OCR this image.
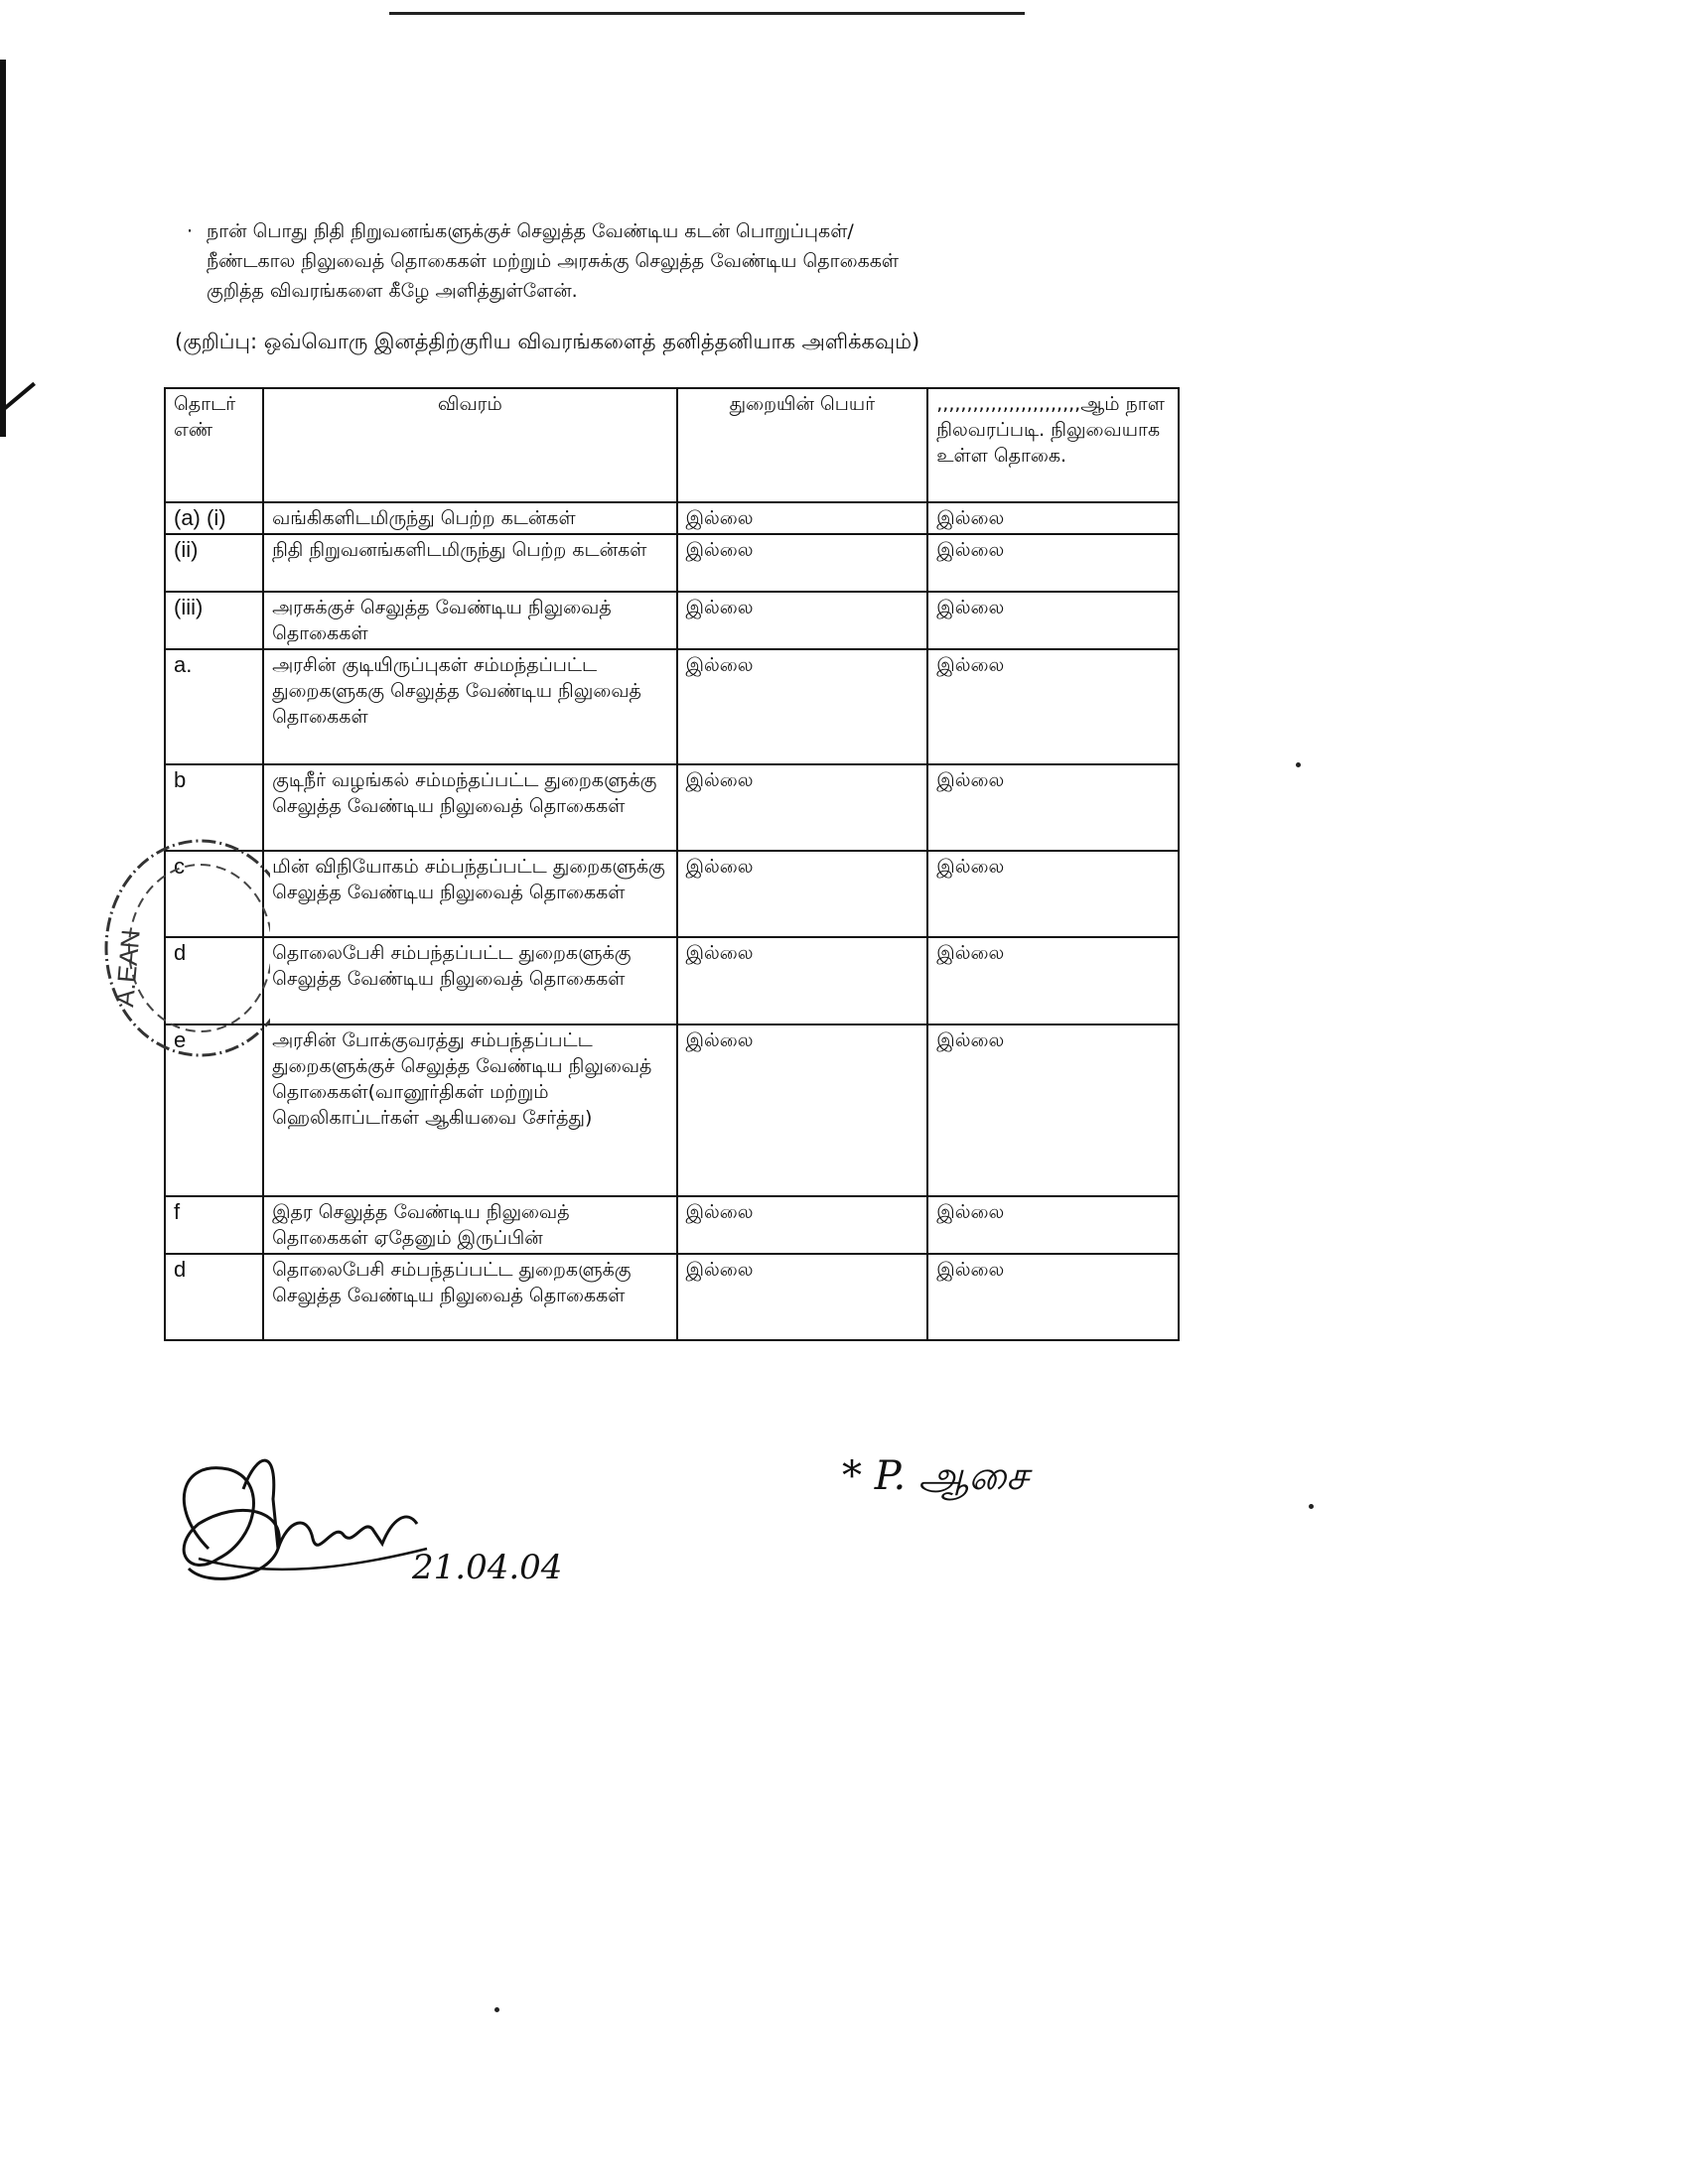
· நான் பொது நிதி நிறுவனங்களுக்குச் செலுத்த வேண்டிய கடன் பொறுப்புகள்/
நீண்டகால நிலுவைத் தொகைகள் மற்றும் அரசுக்கு செலுத்த வேண்டிய தொகைகள்
குறித்த விவரங்களை கீழே அளித்துள்ளேன்.
(குறிப்பு: ஒவ்வொரு இனத்திற்குரிய விவரங்களைத் தனித்தனியாக அளிக்கவும்)
தொடர் எண்	விவரம்	துறையின் பெயர்	,,,,,,,,,,,,,,,,,,,,,,,,ஆம் நாள நிலவரப்படி. நிலுவையாக உள்ள தொகை.
(a) (i)	வங்கிகளிடமிருந்து பெற்ற கடன்கள்	இல்லை	இல்லை
(ii)	நிதி நிறுவனங்களிடமிருந்து பெற்ற கடன்கள்	இல்லை	இல்லை
(iii)	அரசுக்குச் செலுத்த வேண்டிய நிலுவைத் தொகைகள்	இல்லை	இல்லை
a.	அரசின் குடியிருப்புகள் சம்மந்தப்பட்ட துறைகளுககு செலுத்த வேண்டிய நிலுவைத் தொகைகள்	இல்லை	இல்லை
b	குடிநீர் வழங்கல் சம்மந்தப்பட்ட துறைகளுக்கு செலுத்த வேண்டிய நிலுவைத் தொகைகள்	இல்லை	இல்லை
c	மின் விநியோகம் சம்பந்தப்பட்ட துறைகளுக்கு செலுத்த வேண்டிய நிலுவைத் தொகைகள்	இல்லை	இல்லை
d	தொலைபேசி சம்பந்தப்பட்ட துறைகளுக்கு செலுத்த வேண்டிய நிலுவைத் தொகைகள்	இல்லை	இல்லை
e	அரசின் போக்குவரத்து சம்பந்தப்பட்ட துறைகளுக்குச் செலுத்த வேண்டிய நிலுவைத் தொகைகள்(வானூர்திகள் மற்றும் ஹெலிகாப்டர்கள் ஆகியவை சேர்த்து)	இல்லை	இல்லை
f	இதர செலுத்த வேண்டிய நிலுவைத் தொகைகள் ஏதேனும் இருப்பின்	இல்லை	இல்லை
d	தொலைபேசி சம்பந்தப்பட்ட துறைகளுக்கு செலுத்த வேண்டிய நிலுவைத் தொகைகள்	இல்லை	இல்லை
A.EAN
21.04.04
* P. ஆசை
